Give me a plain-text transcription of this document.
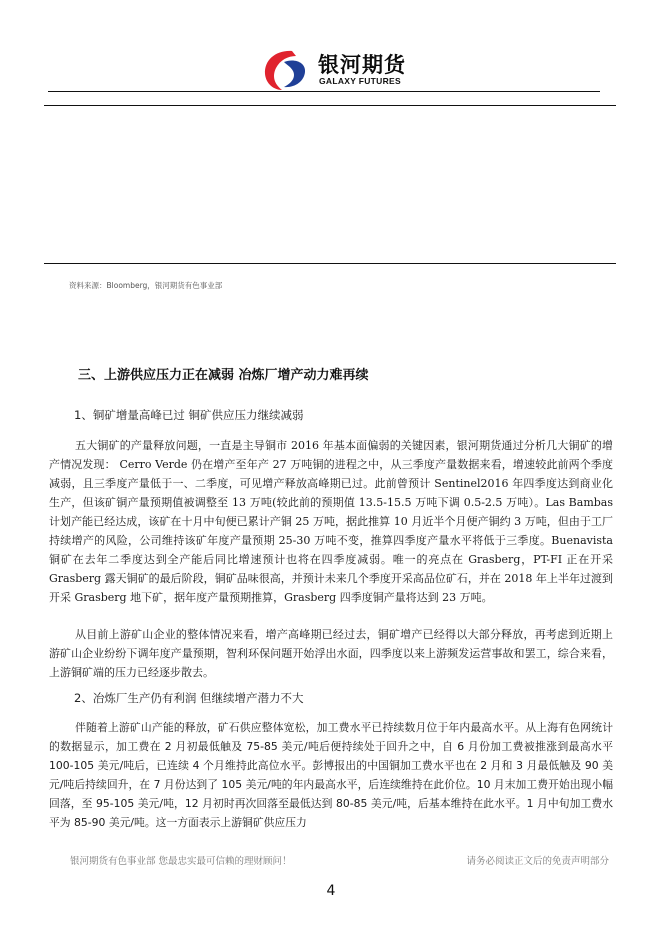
银河期货
GALAXY FUTURES
资料来源：Bloomberg，银河期货有色事业部
三、上游供应压力正在减弱 冶炼厂增产动力难再续
1、铜矿增量高峰已过 铜矿供应压力继续减弱
五大铜矿的产量释放问题，一直是主导铜市 2016 年基本面偏弱的关键因素，银河期货通过分析几大铜矿的增产情况发现： Cerro Verde 仍在增产至年产 27 万吨铜的进程之中，从三季度产量数据来看，增速较此前两个季度减弱，且三季度产量低于一、二季度，可见增产释放高峰期已过。此前曾预计 Sentinel2016 年四季度达到商业化生产，但该矿铜产量预期值被调整至 13 万吨(较此前的预期值 13.5-15.5 万吨下调 0.5-2.5 万吨）。Las Bambas 计划产能已经达成，该矿在十月中旬便已累计产铜 25 万吨，据此推算 10 月近半个月便产铜约 3 万吨，但由于工厂持续增产的风险，公司维持该矿年度产量预期 25-30 万吨不变，推算四季度产量水平将低于三季度。Buenavista 铜矿在去年二季度达到全产能后同比增速预计也将在四季度减弱。唯一的亮点在 Grasberg，PT-FI 正在开采 Grasberg 露天铜矿的最后阶段，铜矿品味很高，并预计未来几个季度开采高品位矿石，并在 2018 年上半年过渡到开采 Grasberg 地下矿，据年度产量预期推算，Grasberg 四季度铜产量将达到 23 万吨。
从目前上游矿山企业的整体情况来看，增产高峰期已经过去，铜矿增产已经得以大部分释放，再考虑到近期上游矿山企业纷纷下调年度产量预期，智利环保问题开始浮出水面，四季度以来上游频发运营事故和罢工，综合来看，上游铜矿端的压力已经逐步散去。
2、冶炼厂生产仍有利润 但继续增产潜力不大
伴随着上游矿山产能的释放，矿石供应整体宽松，加工费水平已持续数月位于年内最高水平。从上海有色网统计的数据显示，加工费在 2 月初最低触及 75-85 美元/吨后便持续处于回升之中，自 6 月份加工费被推涨到最高水平 100-105 美元/吨后，已连续 4 个月维持此高位水平。彭博报出的中国铜加工费水平也在 2 月和 3 月最低触及 90 美元/吨后持续回升，在 7 月份达到了 105 美元/吨的年内最高水平，后连续维持在此价位。10 月末加工费开始出现小幅回落，至 95-105 美元/吨，12 月初时再次回落至最低达到 80-85 美元/吨，后基本维持在此水平。1 月中旬加工费水平为 85-90 美元/吨。这一方面表示上游铜矿供应压力
银河期货有色事业部 您最忠实最可信赖的理财顾问！	请务必阅读正文后的免责声明部分
4
